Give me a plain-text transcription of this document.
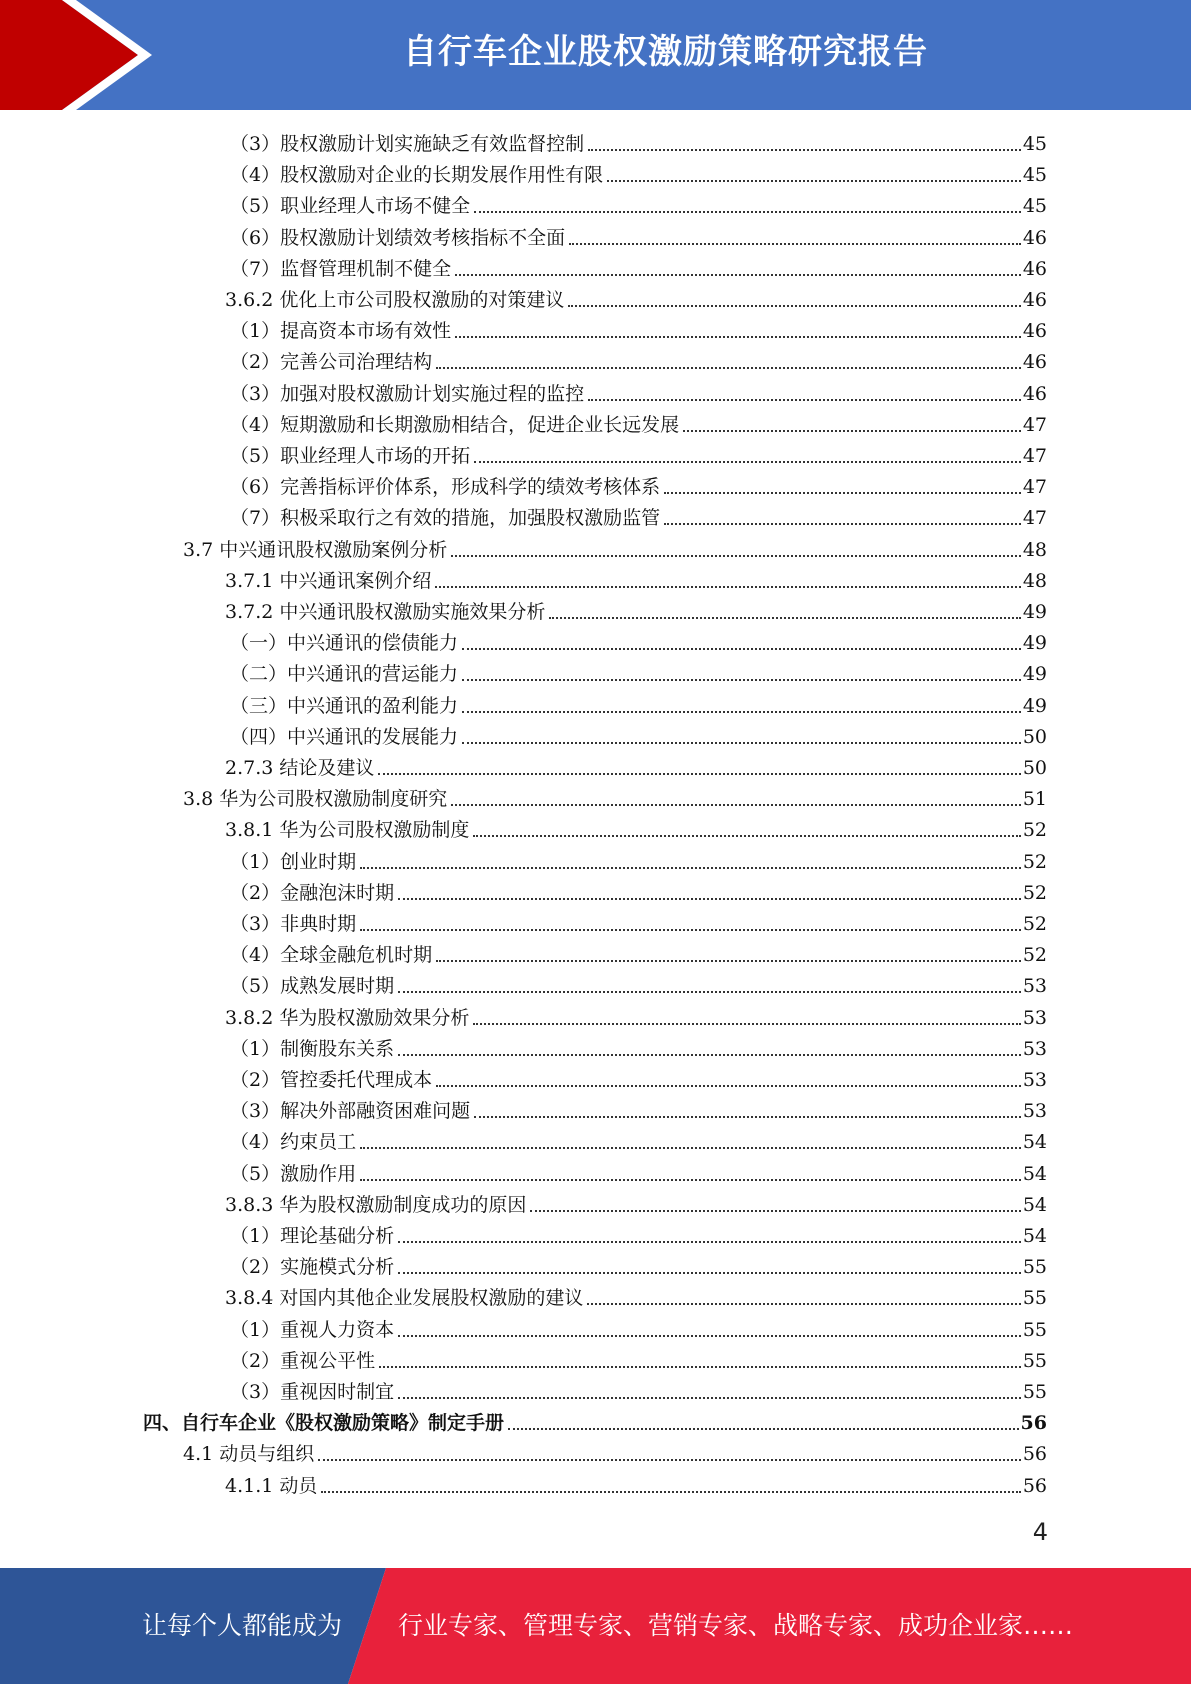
自行车企业股权激励策略研究报告
（3）股权激励计划实施缺乏有效监督控制	45
（4）股权激励对企业的长期发展作用性有限	45
（5）职业经理人市场不健全	45
（6）股权激励计划绩效考核指标不全面	46
（7）监督管理机制不健全	46
3.6.2 优化上市公司股权激励的对策建议	46
（1）提高资本市场有效性	46
（2）完善公司治理结构	46
（3）加强对股权激励计划实施过程的监控	46
（4）短期激励和长期激励相结合，促进企业长远发展	47
（5）职业经理人市场的开拓	47
（6）完善指标评价体系，形成科学的绩效考核体系	47
（7）积极采取行之有效的措施，加强股权激励监管	47
3.7 中兴通讯股权激励案例分析	48
3.7.1 中兴通讯案例介绍	48
3.7.2 中兴通讯股权激励实施效果分析	49
（一）中兴通讯的偿债能力	49
（二）中兴通讯的营运能力	49
（三）中兴通讯的盈利能力	49
（四）中兴通讯的发展能力	50
2.7.3 结论及建议	50
3.8 华为公司股权激励制度研究	51
3.8.1 华为公司股权激励制度	52
（1）创业时期	52
（2）金融泡沫时期	52
（3）非典时期	52
（4）全球金融危机时期	52
（5）成熟发展时期	53
3.8.2 华为股权激励效果分析	53
（1）制衡股东关系	53
（2）管控委托代理成本	53
（3）解决外部融资困难问题	53
（4）约束员工	54
（5）激励作用	54
3.8.3 华为股权激励制度成功的原因	54
（1）理论基础分析	54
（2）实施模式分析	55
3.8.4 对国内其他企业发展股权激励的建议	55
（1）重视人力资本	55
（2）重视公平性	55
（3）重视因时制宜	55
四、自行车企业《股权激励策略》制定手册	56
4.1 动员与组织	56
4.1.1 动员	56
4
让每个人都能成为 行业专家、管理专家、营销专家、战略专家、成功企业家……
